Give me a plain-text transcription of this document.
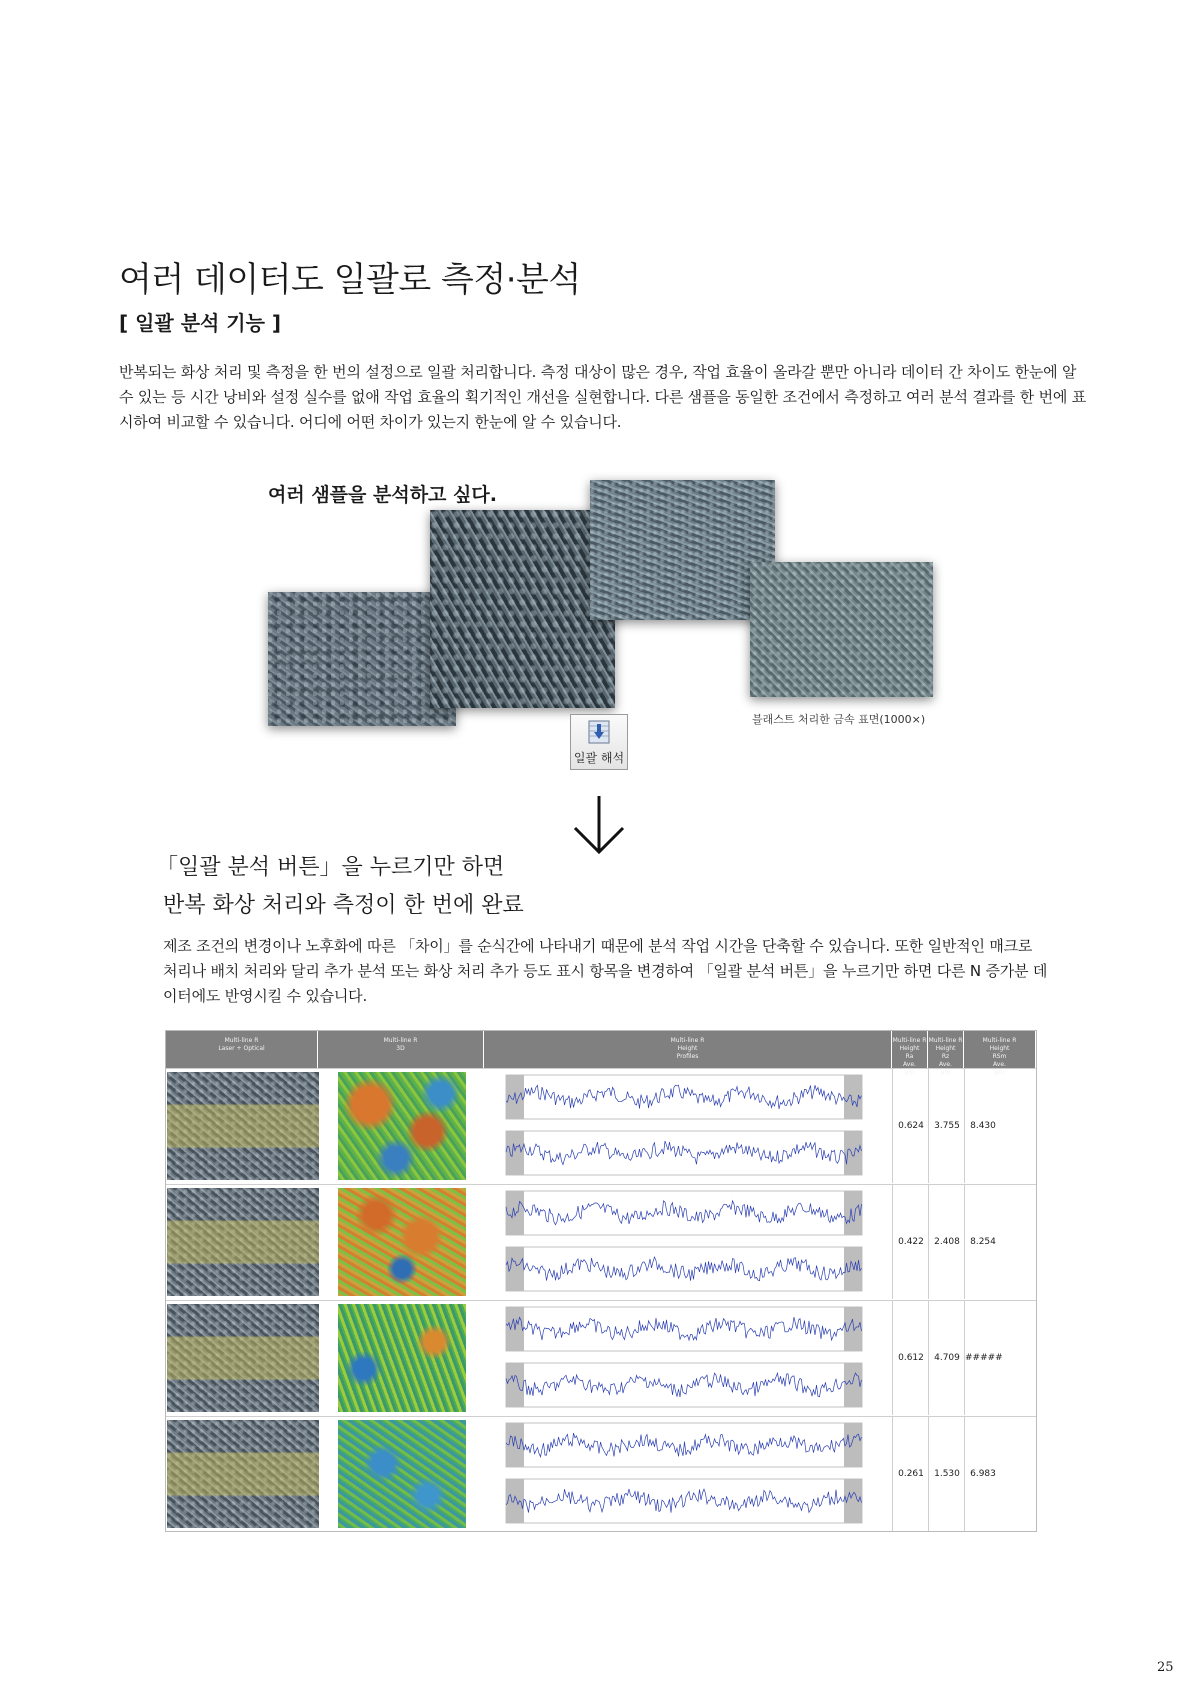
여러 데이터도 일괄로 측정·분석
[ 일괄 분석 기능 ]
반복되는 화상 처리 및 측정을 한 번의 설정으로 일괄 처리합니다. 측정 대상이 많은 경우, 작업 효율이 올라갈 뿐만 아니라 데이터 간 차이도 한눈에 알 수 있는 등 시간 낭비와 설정 실수를 없애 작업 효율의 획기적인 개선을 실현합니다. 다른 샘플을 동일한 조건에서 측정하고 여러 분석 결과를 한 번에 표시하여 비교할 수 있습니다. 어디에 어떤 차이가 있는지 한눈에 알 수 있습니다.
여러 샘플을 분석하고 싶다.
블래스트 처리한 금속 표면(1000×)
일괄 해석
「일괄 분석 버튼」을 누르기만 하면
반복 화상 처리와 측정이 한 번에 완료
제조 조건의 변경이나 노후화에 따른 「차이」를 순식간에 나타내기 때문에 분석 작업 시간을 단축할 수 있습니다. 또한 일반적인 매크로 처리나 배치 처리와 달리 추가 분석 또는 화상 처리 추가 등도 표시 항목을 변경하여 「일괄 분석 버튼」을 누르기만 하면 다른 N 증가분 데이터에도 반영시킬 수 있습니다.
Multi-line R
Laser + Optical
Multi-line R
3D
Multi-line R
Height
Profiles
Multi-line R
Height
Ra
Ave.
μm
Multi-line R
Height
Rz
Ave.
μm
Multi-line R
Height
RSm
Ave.
μm
0.624	3.755	8.430
0.422	2.408	8.254
0.612	4.709 #####
0.261	1.530	6.983
25
